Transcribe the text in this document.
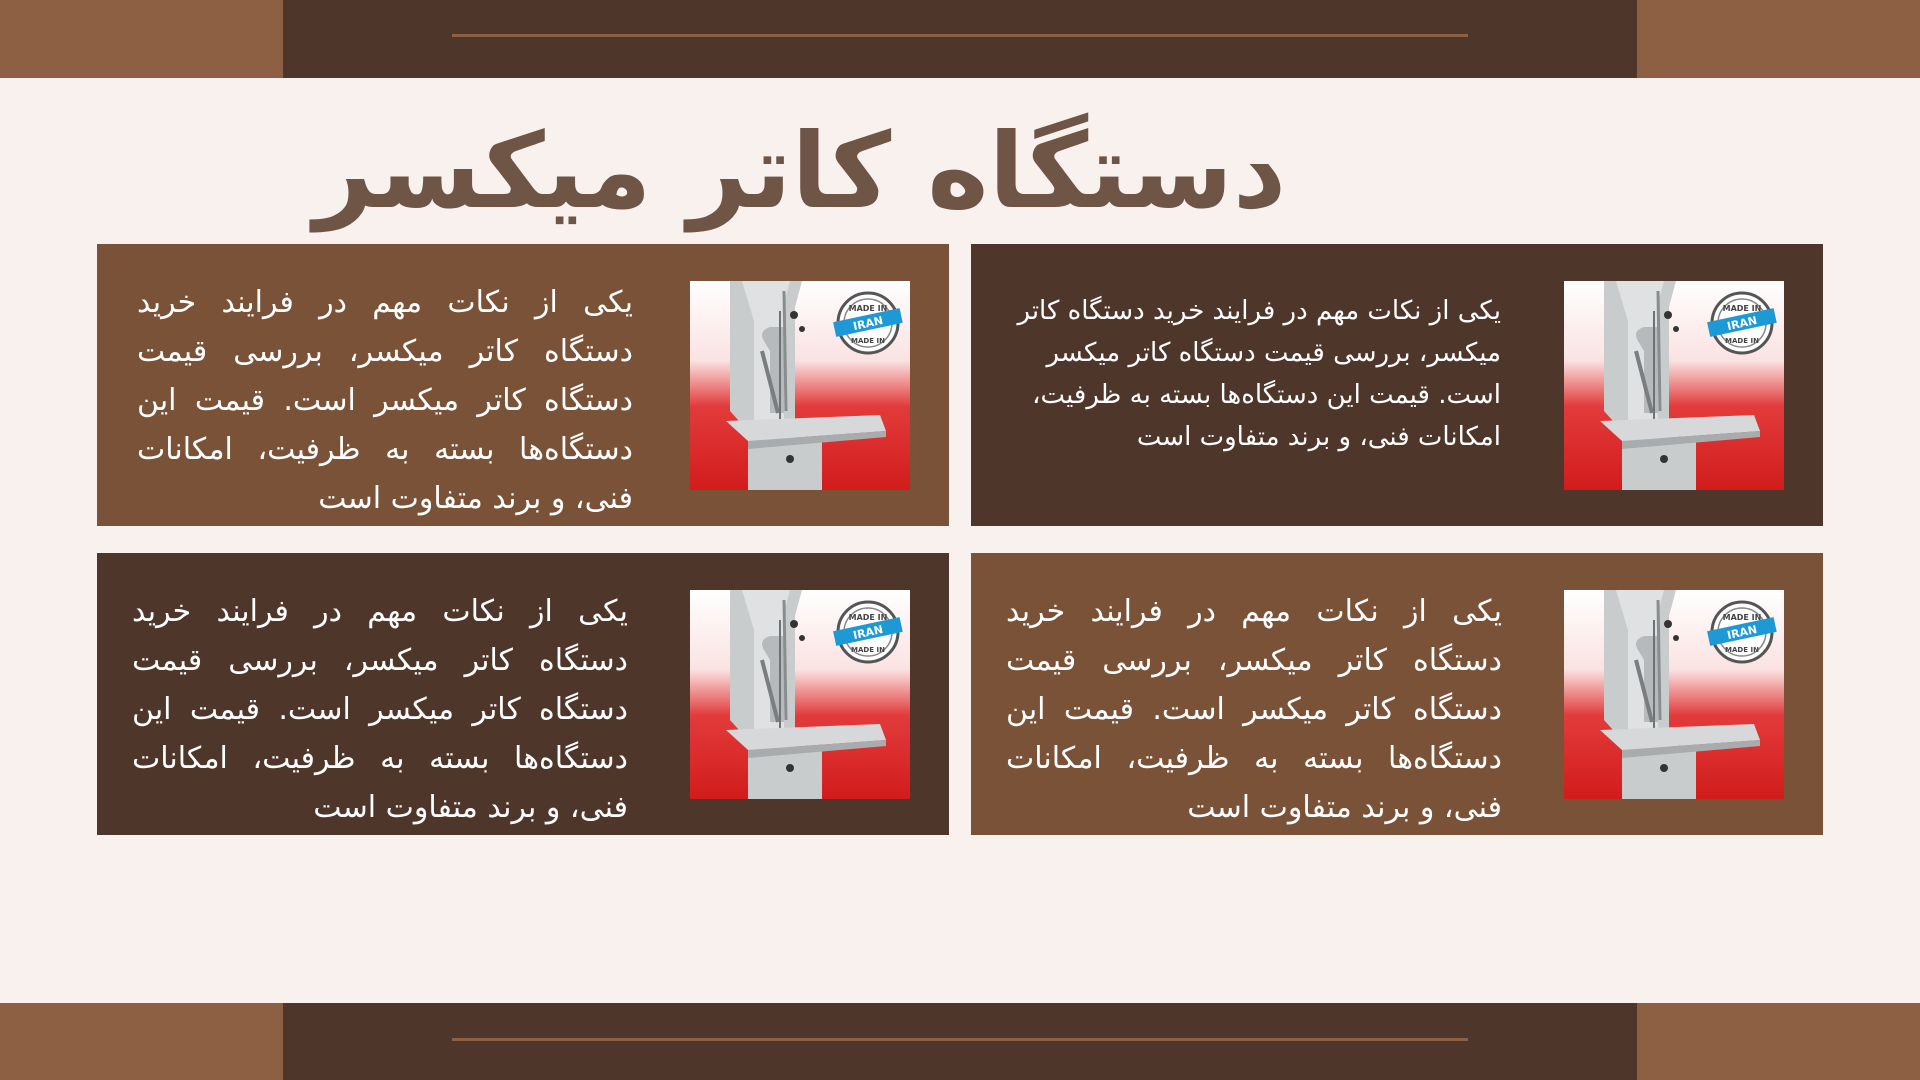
دستگاه کاتر میکسر
یکی از نکات مهم در فرایند خرید دستگاه کاتر میکسر، بررسی قیمت دستگاه کاتر میکسر است. قیمت این دستگاه‌ها بسته به ظرفیت، امکانات فنی، و برند متفاوت است
MADE IN
IRAN
MADE IN
یکی از نکات مهم در فرایند خرید دستگاه کاتر میکسر، بررسی قیمت دستگاه کاتر میکسر است. قیمت این دستگاه‌ها بسته به ظرفیت، امکانات فنی، و برند متفاوت است
MADE IN
IRAN
MADE IN
یکی از نکات مهم در فرایند خرید دستگاه کاتر میکسر، بررسی قیمت دستگاه کاتر میکسر است. قیمت این دستگاه‌ها بسته به ظرفیت، امکانات فنی، و برند متفاوت است
MADE IN
IRAN
MADE IN
یکی از نکات مهم در فرایند خرید دستگاه کاتر میکسر، بررسی قیمت دستگاه کاتر میکسر است. قیمت این دستگاه‌ها بسته به ظرفیت، امکانات فنی، و برند متفاوت است
MADE IN
IRAN
MADE IN
